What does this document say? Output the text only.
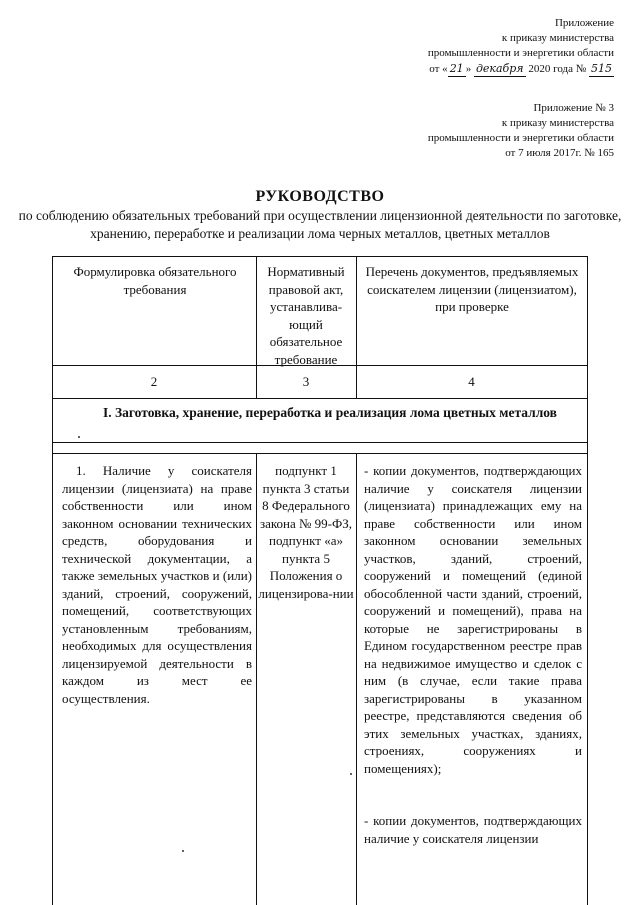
Приложение
к приказу министерства
промышленности и энергетики области
от « 21 » декабря 2020 года № 515
Приложение № 3
к приказу министерства
промышленности и энергетики области
от 7 июля 2017г. № 165
РУКОВОДСТВО
по соблюдению обязательных требований при осуществлении лицензионной деятельности по заготовке, хранению, переработке и реализации лома черных металлов, цветных металлов
Формулировка обязательного требования
Нормативный правовой акт, устанавлива-ющий обязательное требование
Перечень документов, предъявляемых соискателем лицензии (лицензиатом), при проверке
2	3	4
I. Заготовка, хранение, переработка и реализация лома цветных металлов
1. Наличие у соискателя лицензии (лицензиата) на праве собственности или ином законном основании технических средств, оборудования и технической документации, а также земельных участков и (или) зданий, строений, сооружений, помещений, соответствующих установленным требованиям, необходимых для осуществления лицензируемой деятельности в каждом из мест ее осуществления.
подпункт 1 пункта 3 статьи 8 Федерального закона № 99-ФЗ, подпункт «а» пункта 5 Положения о лицензирова-нии
- копии документов, подтверждающих наличие у соискателя лицензии (лицензиата) принадлежащих ему на праве собственности или ином законном основании земельных участков, зданий, строений, сооружений и помещений (единой обособленной части зданий, строений, сооружений и помещений), права на которые не зарегистрированы в Едином государственном реестре прав на недвижимое имущество и сделок с ним (в случае, если такие права зарегистрированы в указанном реестре, представляются сведения об этих земельных участках, зданиях, строениях, сооружениях и помещениях);
- копии документов, подтверждающих наличие у соискателя лицензии
